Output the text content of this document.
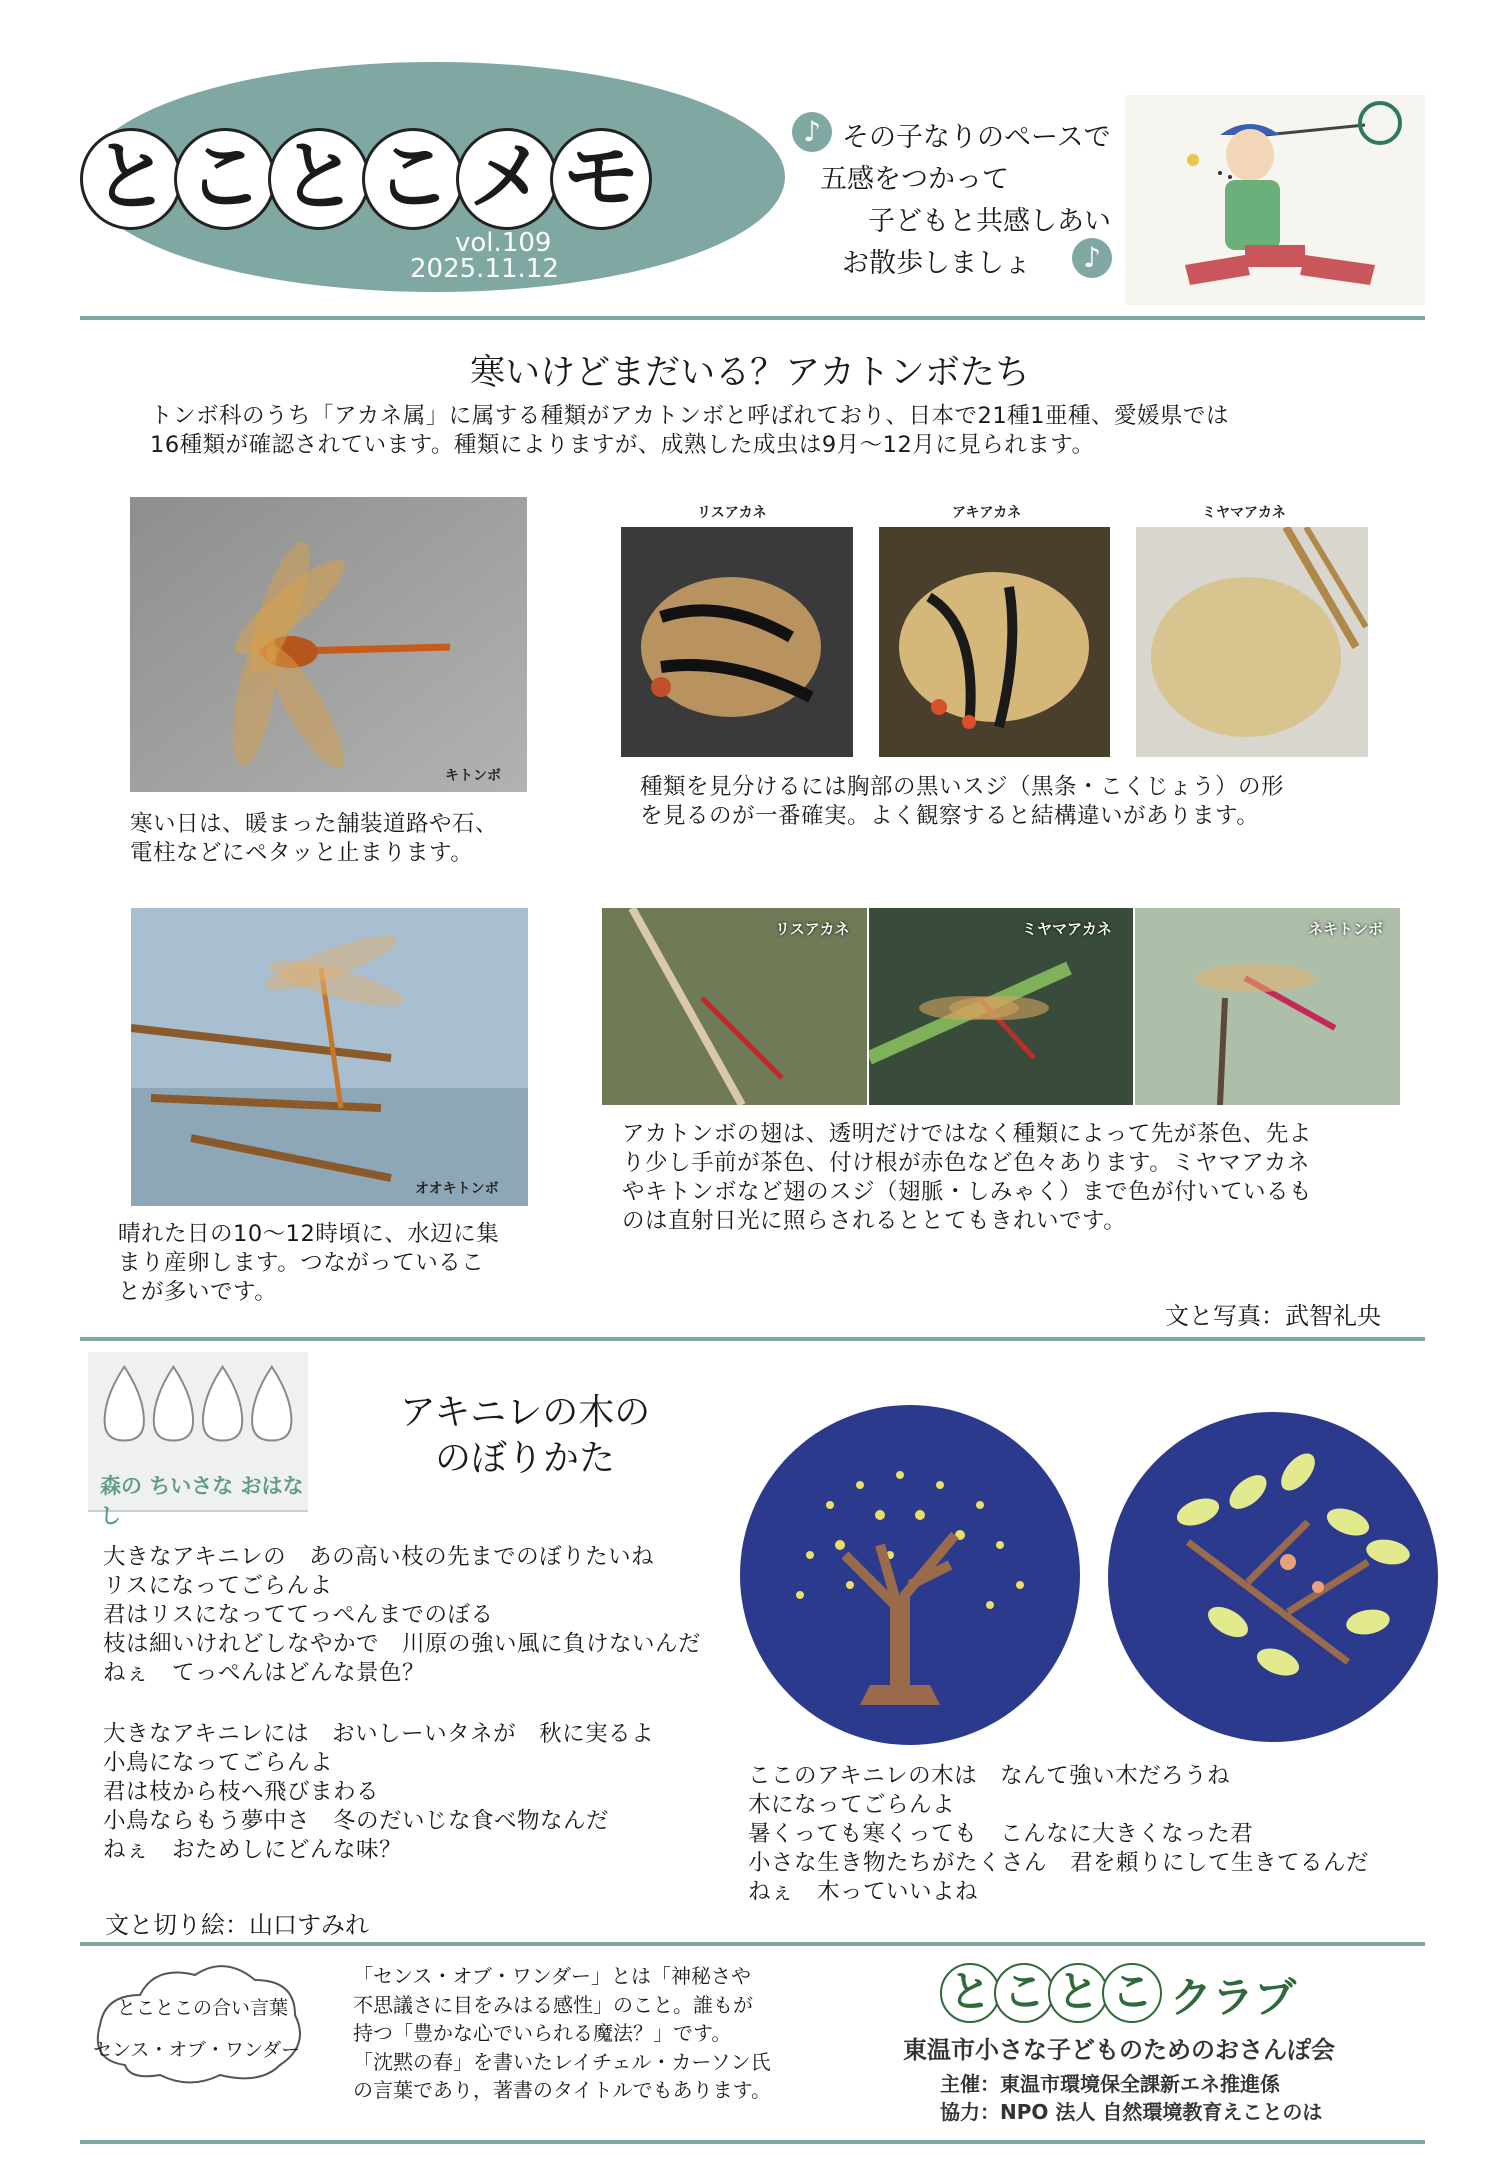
と こ と こ メ モ
vol.109
2025.11.12
♪ その子なりのペースで
五感をつかって
子どもと共感しあい
お散歩しましょ	♪
寒いけどまだいる？アカトンボたち
トンボ科のうち「アカネ属」に属する種類がアカトンボと呼ばれており、日本で21種1亜種、愛媛県では
16種類が確認されています。種類によりますが、成熟した成虫は9月～12月に見られます。
キトンボ
寒い日は、暖まった舗装道路や石、
電柱などにペタッと止まります。
リスアカネ	アキアカネ	ミヤマアカネ
種類を見分けるには胸部の黒いスジ（黒条・こくじょう）の形
を見るのが一番確実。よく観察すると結構違いがあります。
オオキトンボ
晴れた日の10～12時頃に、水辺に集
まり産卵します。つながっているこ
とが多いです。
リスアカネ	ミヤマアカネ	ネキトンボ
アカトンボの翅は、透明だけではなく種類によって先が茶色、先よ
り少し手前が茶色、付け根が赤色など色々あります。ミヤマアカネ
やキトンボなど翅のスジ（翅脈・しみゃく）まで色が付いているも
のは直射日光に照らされるととてもきれいです。
文と写真：武智礼央
森の ちいさな おはなし
アキニレの木の
のぼりかた
大きなアキニレの　あの高い枝の先までのぼりたいね
リスになってごらんよ
君はリスになっててっぺんまでのぼる
枝は細いけれどしなやかで　川原の強い風に負けないんだ
ねぇ　てっぺんはどんな景色？
大きなアキニレには　おいしーいタネが　秋に実るよ
小鳥になってごらんよ
君は枝から枝へ飛びまわる
小鳥ならもう夢中さ　冬のだいじな食べ物なんだ
ねぇ　おためしにどんな味？
ここのアキニレの木は　なんて強い木だろうね
木になってごらんよ
暑くっても寒くっても　こんなに大きくなった君
小さな生き物たちがたくさん　君を頼りにして生きてるんだ
ねぇ　木っていいよね
文と切り絵：山口すみれ
とことこの合い言葉
センス・オブ・ワンダー
「センス・オブ・ワンダー」とは「神秘さや
不思議さに目をみはる感性」のこと。誰もが
持つ「豊かな心でいられる魔法？」です。
「沈黙の春」を書いたレイチェル・カーソン氏
の言葉であり，著書のタイトルでもあります。
と こ と こ クラブ
東温市小さな子どものためのおさんぽ会
主催：東温市環境保全課新エネ推進係
協力：NPO 法人 自然環境教育えことのは
